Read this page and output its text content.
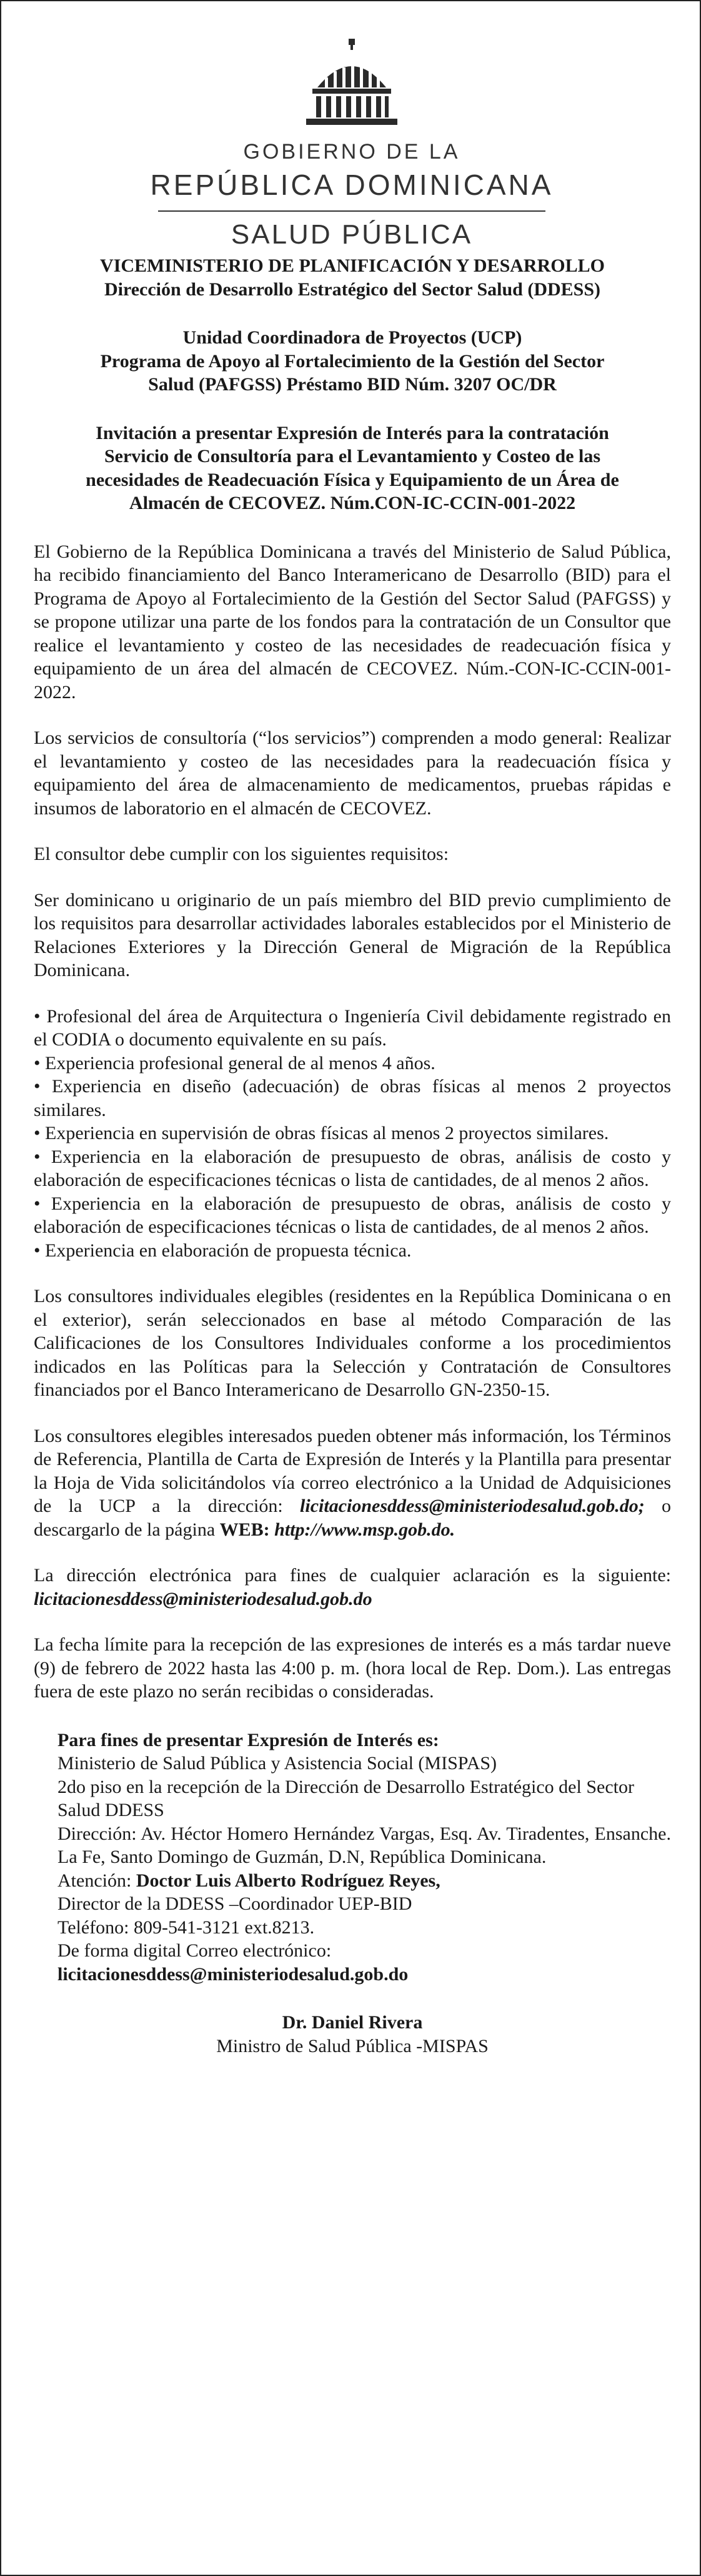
GOBIERNO DE LA
REPÚBLICA DOMINICANA
SALUD PÚBLICA

VICEMINISTERIO DE PLANIFICACIÓN Y DESARROLLO

Dirección de Desarrollo Estratégico del Sector Salud (DDESS)

Unidad Coordinadora de Proyectos (UCP)

Programa de Apoyo al Fortalecimiento de la Gestión del Sector

Salud (PAFGSS) Préstamo BID Núm. 3207 OC/DR

Invitación a presentar Expresión de Interés para la contratación

Servicio de Consultoría para el Levantamiento y Costeo de las

necesidades de Readecuación Física y Equipamiento de un Área de

Almacén de CECOVEZ. Núm.CON-IC-CCIN-001-2022

El Gobierno de la República Dominicana a través del Ministerio de Salud Pública, ha recibido financiamiento del Banco Interamericano de Desarrollo (BID) para el Programa de Apoyo al Fortalecimiento de la Gestión del Sector Salud (PAFGSS) y se propone utilizar una parte de los fondos para la contratación de un Consultor que realice el levantamiento y costeo de las necesidades de readecuación física y equipamiento de un área del almacén de CECOVEZ. Núm.-CON-IC-CCIN-001-2022.

Los servicios de consultoría (“los servicios”) comprenden a modo general: Realizar el levantamiento y costeo de las necesidades para la readecuación física y equipamiento del área de almacenamiento de medicamentos, pruebas rápidas e insumos de laboratorio en el almacén de CECOVEZ.

El consultor debe cumplir con los siguientes requisitos:

Ser dominicano u originario de un país miembro del BID previo cumplimiento de los requisitos para desarrollar actividades laborales establecidos por el Ministerio de Relaciones Exteriores y la Dirección General de Migración de la República Dominicana.

• Profesional del área de Arquitectura o Ingeniería Civil debidamente registrado en el CODIA o documento equivalente en su país.

• Experiencia profesional general de al menos 4 años.

• Experiencia en diseño (adecuación) de obras físicas al menos 2 proyectos similares.

• Experiencia en supervisión de obras físicas al menos 2 proyectos similares.

• Experiencia en la elaboración de presupuesto de obras, análisis de costo y elaboración de especificaciones técnicas o lista de cantidades, de al menos 2 años.

• Experiencia en la elaboración de presupuesto de obras, análisis de costo y elaboración de especificaciones técnicas o lista de cantidades, de al menos 2 años.

• Experiencia en elaboración de propuesta técnica.

Los consultores individuales elegibles (residentes en la República Dominicana o en el exterior), serán seleccionados en base al método Comparación de las Calificaciones de los Consultores Individuales conforme a los procedimientos indicados en las Políticas para la Selección y Contratación de Consultores financiados por el Banco Interamericano de Desarrollo GN-2350-15.

Los consultores elegibles interesados pueden obtener más información, los Términos de Referencia, Plantilla de Carta de Expresión de Interés y la Plantilla para presentar la Hoja de Vida solicitándolos vía correo electrónico a la Unidad de Adquisiciones de la UCP a la dirección: licitacionesddess@ministeriodesalud.gob.do; o descargarlo de la página WEB: http://www.msp.gob.do.

La dirección electrónica para fines de cualquier aclaración es la siguiente: licitacionesddess@ministeriodesalud.gob.do

La fecha límite para la recepción de las expresiones de interés es a más tardar nueve (9) de febrero de 2022 hasta las 4:00 p. m. (hora local de Rep. Dom.). Las entregas fuera de este plazo no serán recibidas o consideradas.

Para fines de presentar Expresión de Interés es:

Ministerio de Salud Pública y Asistencia Social (MISPAS)

2do piso en la recepción de la Dirección de Desarrollo Estratégico del Sector Salud DDESS

Dirección: Av. Héctor Homero Hernández Vargas, Esq. Av. Tiradentes, Ensanche. La Fe, Santo Domingo de Guzmán, D.N, República Dominicana.

Atención: Doctor Luis Alberto Rodríguez Reyes,

Director de la DDESS –Coordinador UEP-BID

Teléfono: 809-541-3121 ext.8213.

De forma digital Correo electrónico:

licitacionesddess@ministeriodesalud.gob.do

Dr. Daniel Rivera

Ministro de Salud Pública -MISPAS
